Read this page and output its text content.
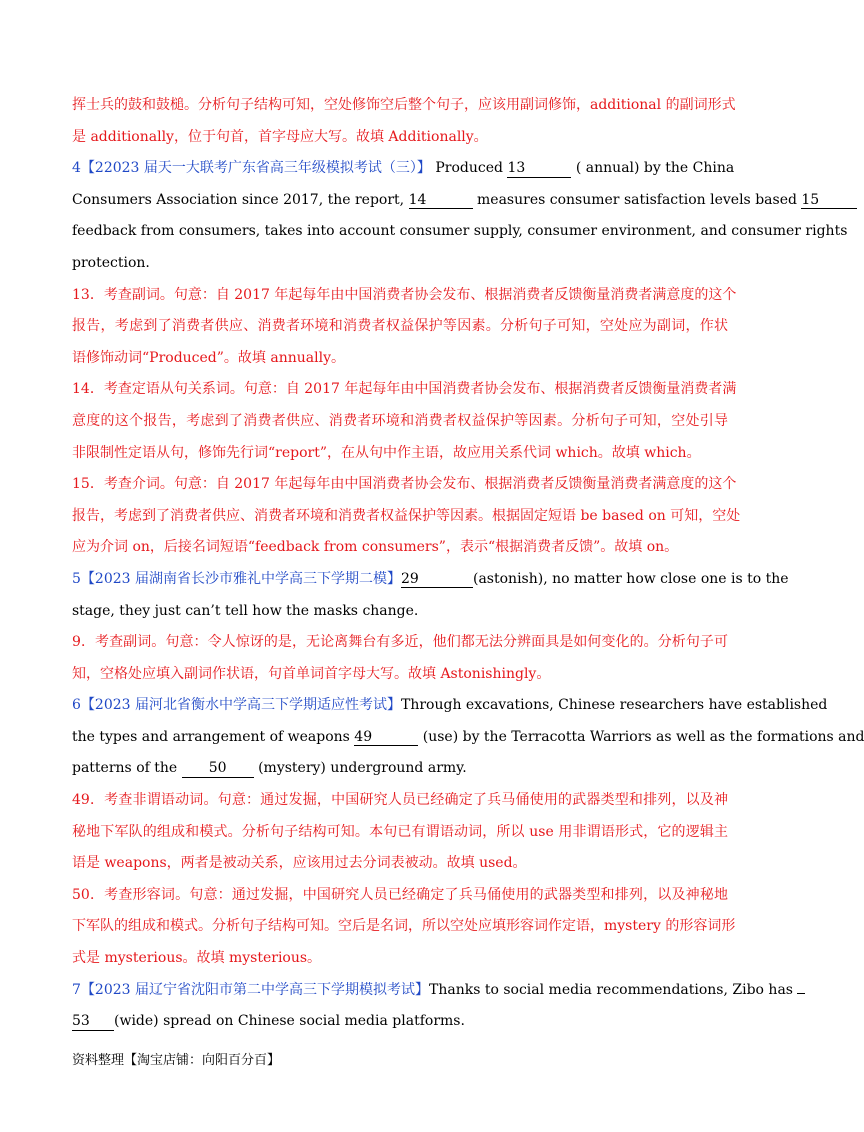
挥士兵的鼓和鼓槌。分析句子结构可知，空处修饰空后整个句子，应该用副词修饰，additional 的副词形式
是 additionally，位于句首，首字母应大写。故填 Additionally。
4【22023 届天一大联考广东省高三年级模拟考试（三）】 Produced 13	( annual) by the China
Consumers Association since 2017, the report, 14	measures consumer satisfaction levels based 15
feedback from consumers, takes into account consumer supply, consumer environment, and consumer rights
protection.
13．考查副词。句意：自 2017 年起每年由中国消费者协会发布、根据消费者反馈衡量消费者满意度的这个
报告，考虑到了消费者供应、消费者环境和消费者权益保护等因素。分析句子可知，空处应为副词，作状
语修饰动词“Produced”。故填 annually。
14．考查定语从句关系词。句意：自 2017 年起每年由中国消费者协会发布、根据消费者反馈衡量消费者满
意度的这个报告，考虑到了消费者供应、消费者环境和消费者权益保护等因素。分析句子可知，空处引导
非限制性定语从句，修饰先行词“report”，在从句中作主语，故应用关系代词 which。故填 which。
15．考查介词。句意：自 2017 年起每年由中国消费者协会发布、根据消费者反馈衡量消费者满意度的这个
报告，考虑到了消费者供应、消费者环境和消费者权益保护等因素。根据固定短语 be based on 可知，空处
应为介词 on，后接名词短语“feedback from consumers”，表示“根据消费者反馈”。故填 on。
5【2023 届湖南省长沙市雅礼中学高三下学期二模】29	(astonish), no matter how close one is to the
stage, they just can’t tell how the masks change.
9．考查副词。句意：令人惊讶的是，无论离舞台有多近，他们都无法分辨面具是如何变化的。分析句子可
知，空格处应填入副词作状语，句首单词首字母大写。故填 Astonishingly。
6【2023 届河北省衡水中学高三下学期适应性考试】Through excavations, Chinese researchers have established
the types and arrangement of weapons 49	(use) by the Terracotta Warriors as well as the formations and
patterns of the 50 (mystery) underground army.
49．考查非谓语动词。句意：通过发掘，中国研究人员已经确定了兵马俑使用的武器类型和排列，以及神
秘地下军队的组成和模式。分析句子结构可知。本句已有谓语动词，所以 use 用非谓语形式，它的逻辑主
语是 weapons，两者是被动关系，应该用过去分词表被动。故填 used。
50．考查形容词。句意：通过发掘，中国研究人员已经确定了兵马俑使用的武器类型和排列，以及神秘地
下军队的组成和模式。分析句子结构可知。空后是名词，所以空处应填形容词作定语，mystery 的形容词形
式是 mysterious。故填 mysterious。
7【2023 届辽宁省沈阳市第二中学高三下学期模拟考试】Thanks to social media recommendations, Zibo has
53 (wide) spread on Chinese social media platforms.
资料整理【淘宝店铺：向阳百分百】
